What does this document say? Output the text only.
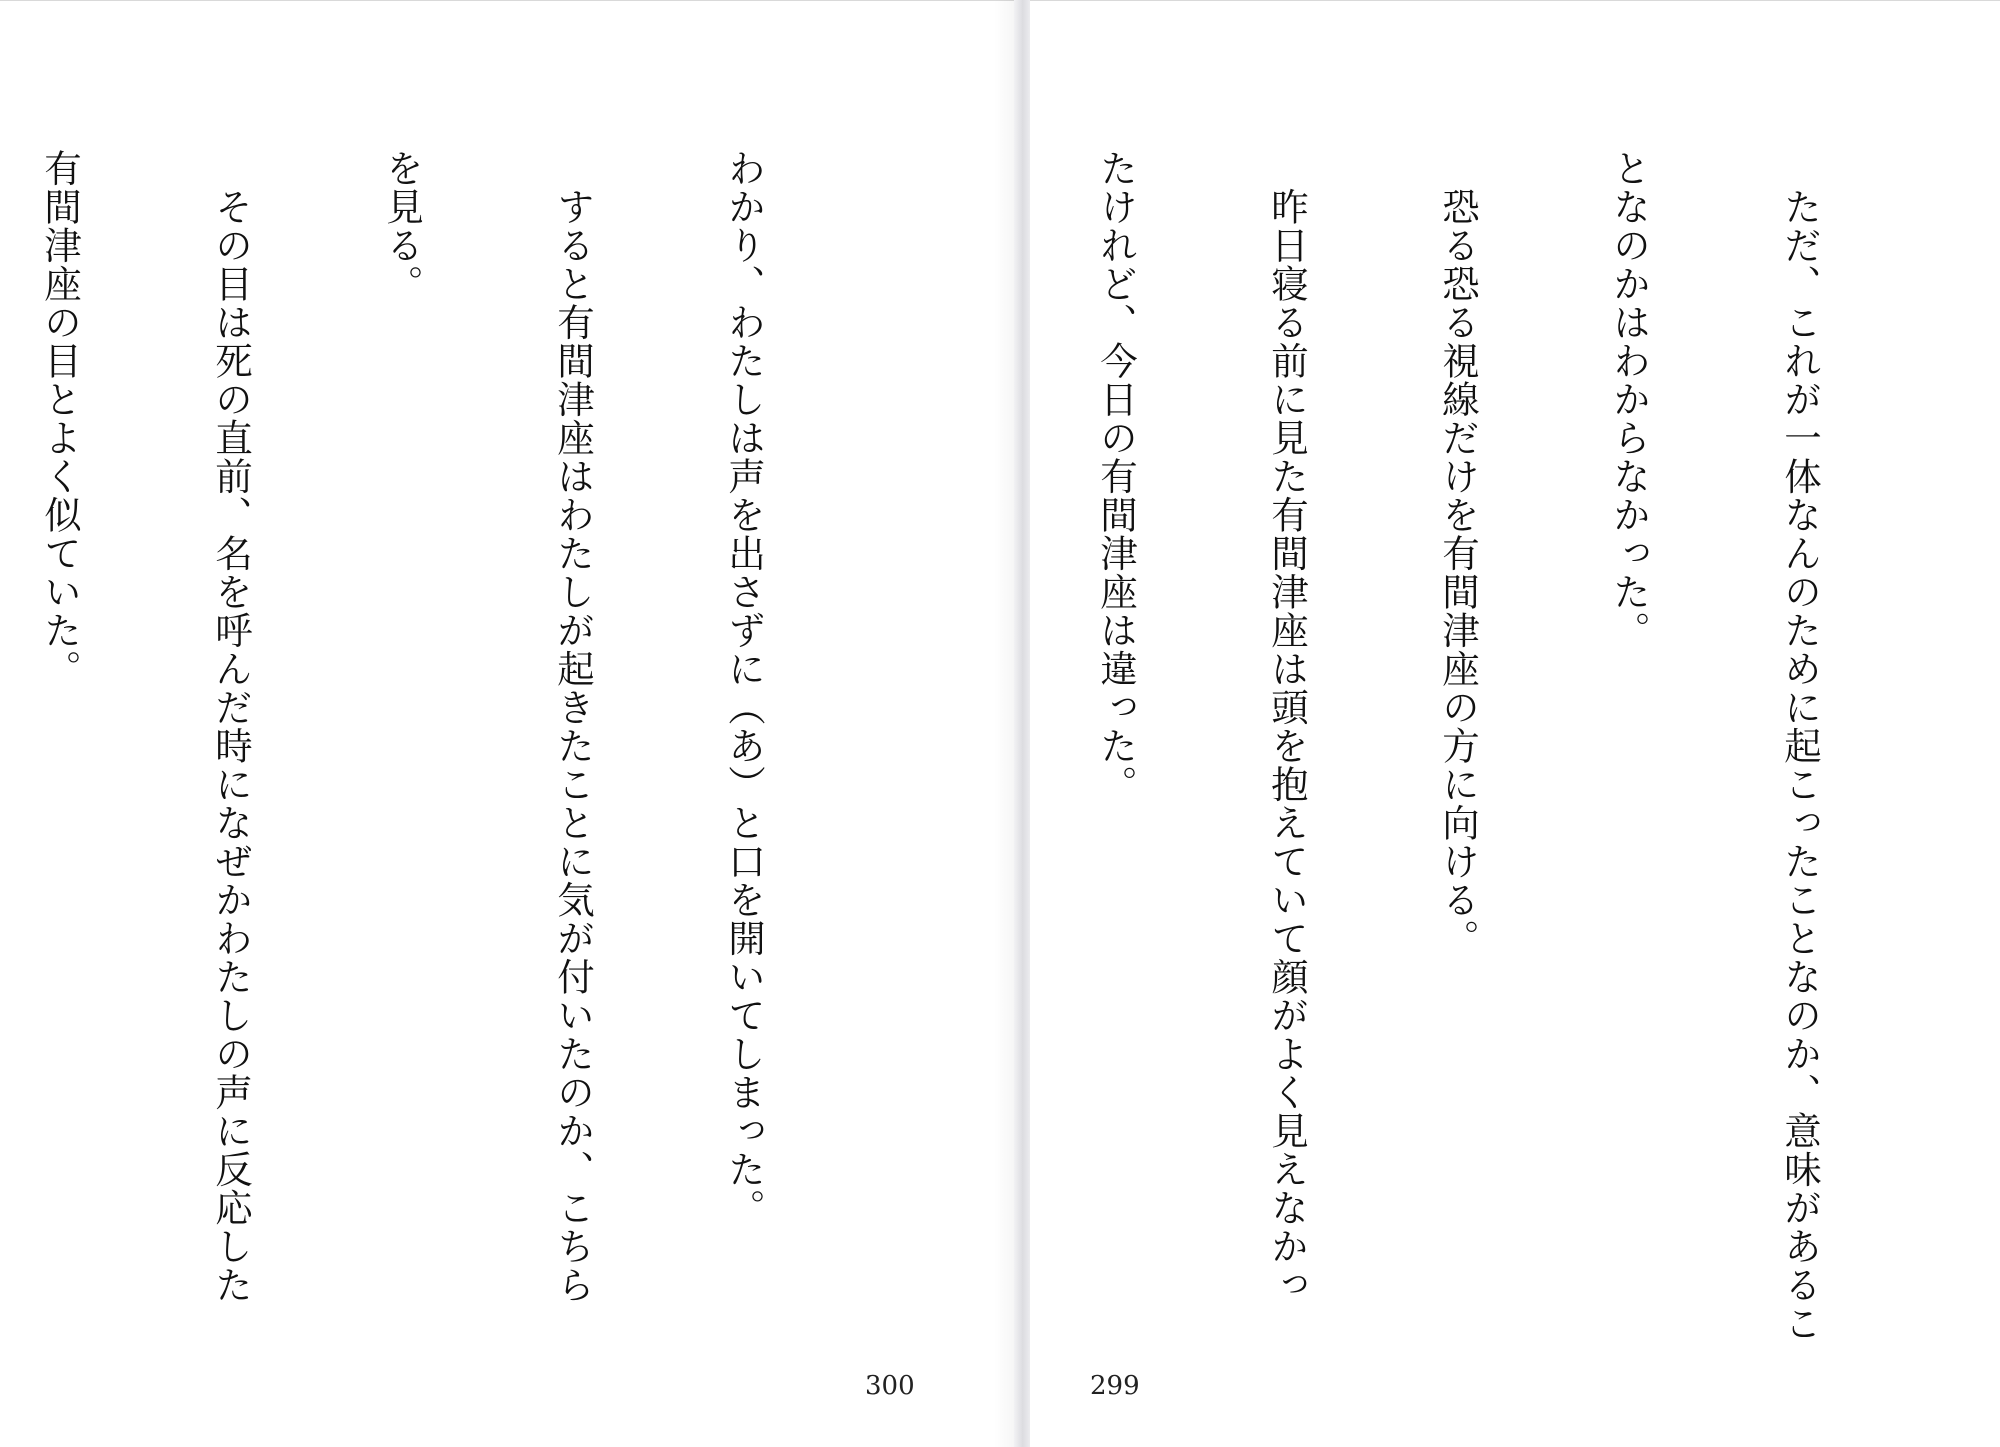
わかり、わたしは声を出さずに（あ）と口を開いてしまった。

　すると有間津座はわたしが起きたことに気が付いたのか、こちら

を見る。

　その目は死の直前、名を呼んだ時になぜかわたしの声に反応した

有間津座の目とよく似ていた。

300

　ただ、これが一体なんのために起こったことなのか、意味があるこ

となのかはわからなかった。

　恐る恐る視線だけを有間津座の方に向ける。

　昨日寝る前に見た有間津座は頭を抱えていて顔がよく見えなかっ

たけれど、今日の有間津座は違った。

299
